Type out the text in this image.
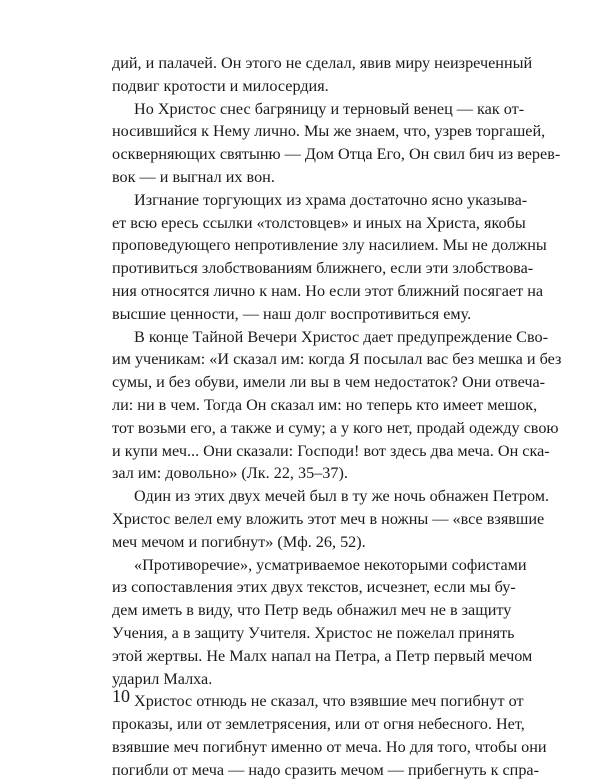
дий, и палачей. Он этого не сделал, явив миру неизреченный
подвиг кротости и милосердия.
Но Христос снес багряницу и терновый венец — как от-
носившийся к Нему лично. Мы же знаем, что, узрев торгашей,
оскверняющих святыню — Дом Отца Его, Он свил бич из верев-
вок — и выгнал их вон.
Изгнание торгующих из храма достаточно ясно указыва-
ет всю ересь ссылки «толстовцев» и иных на Христа, якобы
проповедующего непротивление злу насилием. Мы не должны
противиться злобствованиям ближнего, если эти злобствова-
ния относятся лично к нам. Но если этот ближний посягает на
высшие ценности, — наш долг воспротивиться ему.
В конце Тайной Вечери Христос дает предупреждение Сво-
им ученикам: «И сказал им: когда Я посылал вас без мешка и без
сумы, и без обуви, имели ли вы в чем недостаток? Они отвеча-
ли: ни в чем. Тогда Он сказал им: но теперь кто имеет мешок,
тот возьми его, а также и суму; а у кого нет, продай одежду свою
и купи меч... Они сказали: Господи! вот здесь два меча. Он ска-
зал им: довольно» (Лк. 22, 35–37).
Один из этих двух мечей был в ту же ночь обнажен Петром.
Христос велел ему вложить этот меч в ножны — «все взявшие
меч мечом и погибнут» (Мф. 26, 52).
«Противоречие», усматриваемое некоторыми софистами
из сопоставления этих двух текстов, исчезнет, если мы бу-
дем иметь в виду, что Петр ведь обнажил меч не в защиту
Учения, а в защиту Учителя. Христос не пожелал принять
этой жертвы. Не Малх напал на Петра, а Петр первый мечом
ударил Малха.
Христос отнюдь не сказал, что взявшие меч погибнут от
проказы, или от землетрясения, или от огня небесного. Нет,
взявшие меч погибнут именно от меча. Но для того, чтобы они
погибли от меча — надо сразить мечом — прибегнуть к спра-
10
